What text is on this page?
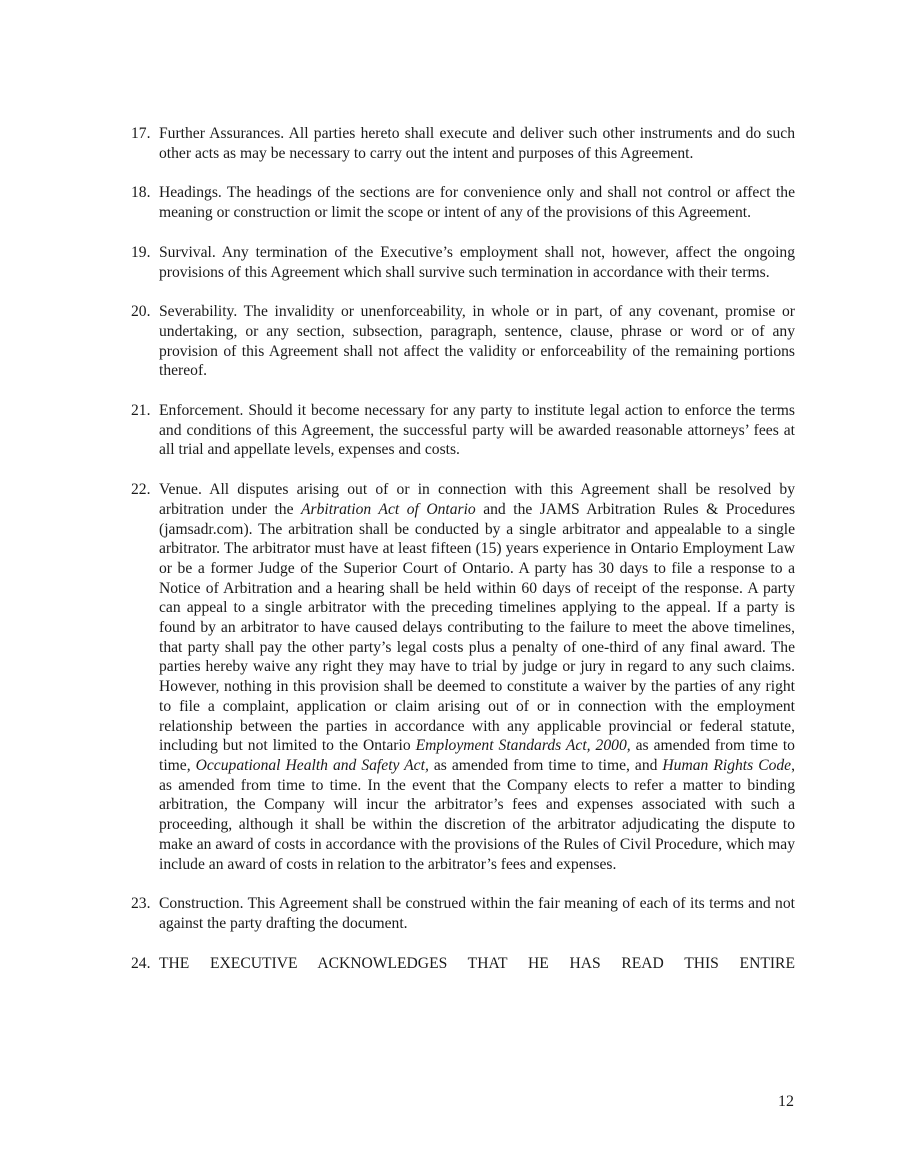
17. Further Assurances. All parties hereto shall execute and deliver such other instruments and do such other acts as may be necessary to carry out the intent and purposes of this Agreement.

18. Headings. The headings of the sections are for convenience only and shall not control or affect the meaning or construction or limit the scope or intent of any of the provisions of this Agreement.

19. Survival. Any termination of the Executive’s employment shall not, however, affect the ongoing provisions of this Agreement which shall survive such termination in accordance with their terms.

20. Severability. The invalidity or unenforceability, in whole or in part, of any covenant, promise or undertaking, or any section, subsection, paragraph, sentence, clause, phrase or word or of any provision of this Agreement shall not affect the validity or enforceability of the remaining portions thereof.

21. Enforcement. Should it become necessary for any party to institute legal action to enforce the terms and conditions of this Agreement, the successful party will be awarded reasonable attorneys’ fees at all trial and appellate levels, expenses and costs.

22. Venue. All disputes arising out of or in connection with this Agreement shall be resolved by arbitration under the Arbitration Act of Ontario and the JAMS Arbitration Rules & Procedures (jamsadr.com). The arbitration shall be conducted by a single arbitrator and appealable to a single arbitrator. The arbitrator must have at least fifteen (15) years experience in Ontario Employment Law or be a former Judge of the Superior Court of Ontario. A party has 30 days to file a response to a Notice of Arbitration and a hearing shall be held within 60 days of receipt of the response. A party can appeal to a single arbitrator with the preceding timelines applying to the appeal. If a party is found by an arbitrator to have caused delays contributing to the failure to meet the above timelines, that party shall pay the other party’s legal costs plus a penalty of one-third of any final award. The parties hereby waive any right they may have to trial by judge or jury in regard to any such claims. However, nothing in this provision shall be deemed to constitute a waiver by the parties of any right to file a complaint, application or claim arising out of or in connection with the employment relationship between the parties in accordance with any applicable provincial or federal statute, including but not limited to the Ontario Employment Standards Act, 2000, as amended from time to time, Occupational Health and Safety Act, as amended from time to time, and Human Rights Code, as amended from time to time. In the event that the Company elects to refer a matter to binding arbitration, the Company will incur the arbitrator’s fees and expenses associated with such a proceeding, although it shall be within the discretion of the arbitrator adjudicating the dispute to make an award of costs in accordance with the provisions of the Rules of Civil Procedure, which may include an award of costs in relation to the arbitrator’s fees and expenses.

23. Construction. This Agreement shall be construed within the fair meaning of each of its terms and not against the party drafting the document.

24. THE EXECUTIVE ACKNOWLEDGES THAT HE HAS READ THIS ENTIRE

12
